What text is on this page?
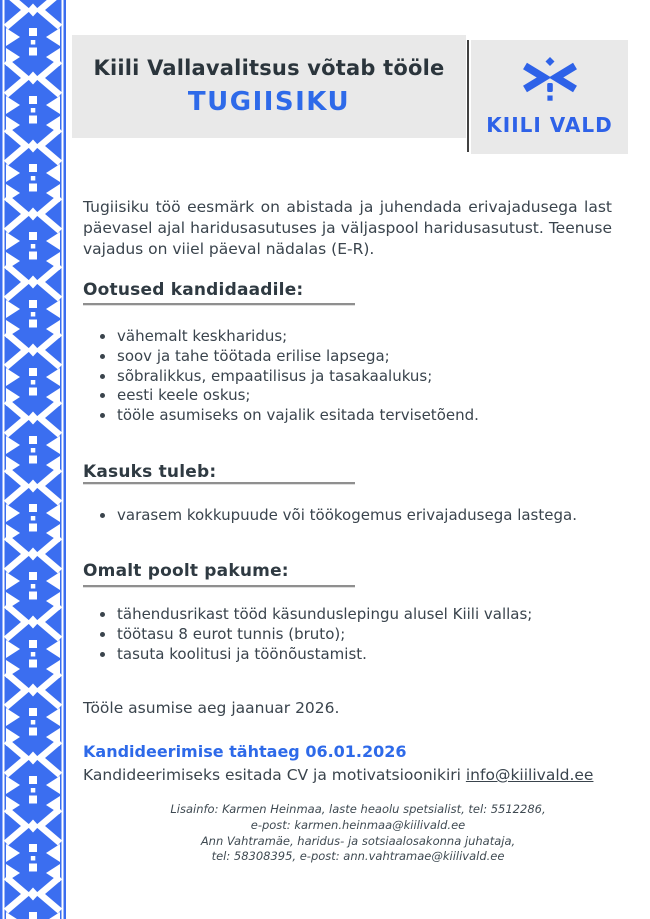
Kiili Vallavalitsus võtab tööle
TUGIISIKU
KIILI VALD

Tugiisiku töö eesmärk on abistada ja juhendada erivajadusega last päevasel ajal haridusasutuses ja väljaspool haridusasutust. Teenuse vajadus on viiel päeval nädalas (E-R).

Ootused kandidaadile:
• vähemalt keskharidus;
• soov ja tahe töötada erilise lapsega;
• sõbralikkus, empaatilisus ja tasakaalukus;
• eesti keele oskus;
• tööle asumiseks on vajalik esitada tervisetõend.
Kasuks tuleb:
• varasem kokkupuude või töökogemus erivajadusega lastega.
Omalt poolt pakume:
• tähendusrikast tööd käsunduslepingu alusel Kiili vallas;
• töötasu 8 eurot tunnis (bruto);
• tasuta koolitusi ja töönõustamist.
Tööle asumise aeg jaanuar 2026.
Kandideerimise tähtaeg 06.01.2026
Kandideerimiseks esitada CV ja motivatsioonikiri info@kiilivald.ee
Lisainfo: Karmen Heinmaa, laste heaolu spetsialist, tel: 5512286,
e-post: karmen.heinmaa@kiilivald.ee
Ann Vahtramäe, haridus- ja sotsiaalosakonna juhataja,
tel: 58308395, e-post: ann.vahtramae@kiilivald.ee
